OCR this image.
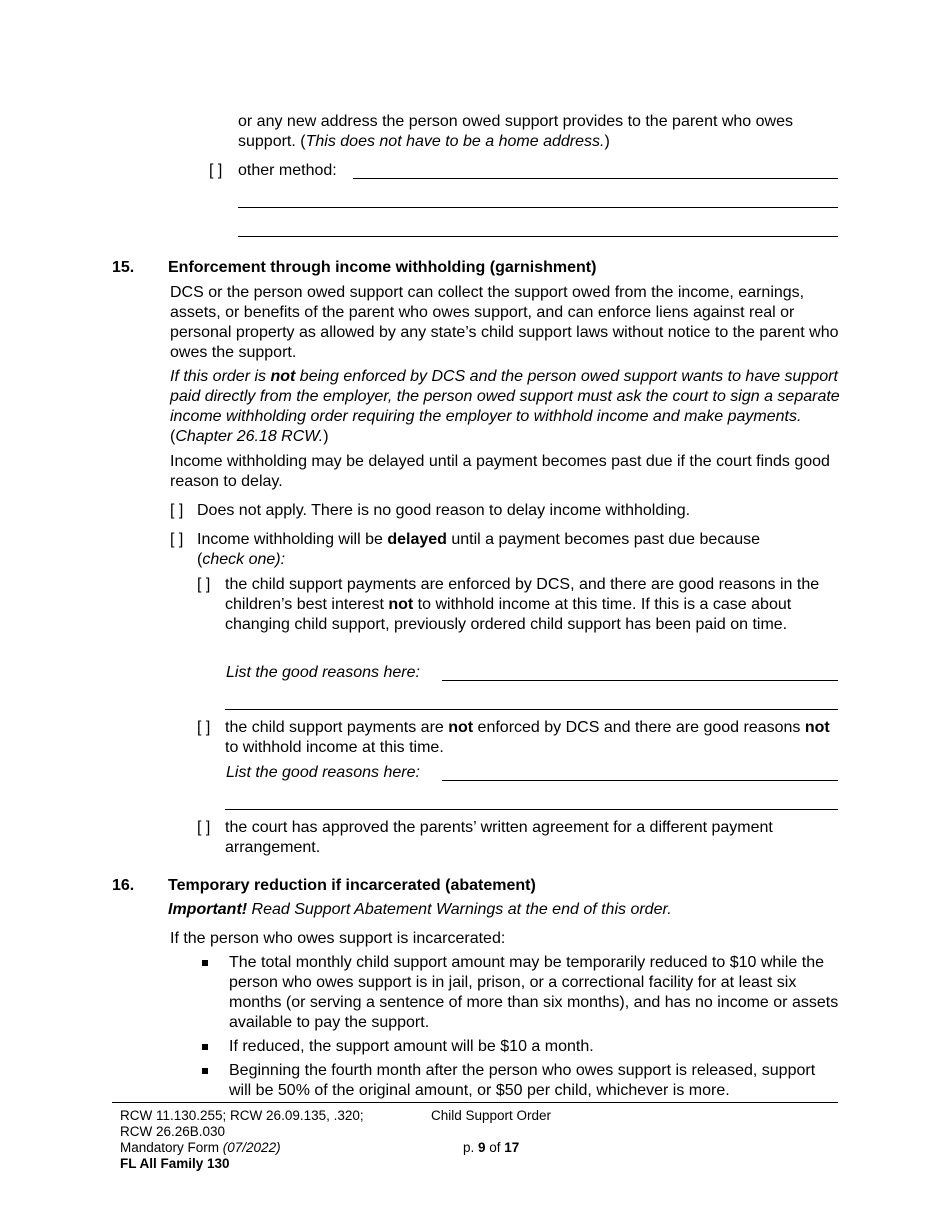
or any new address the person owed support provides to the parent who owes
support. (This does not have to be a home address.)
[ ] other method:
15. Enforcement through income withholding (garnishment)
DCS or the person owed support can collect the support owed from the income, earnings, assets, or benefits of the parent who owes support, and can enforce liens against real or personal property as allowed by any state’s child support laws without notice to the parent who owes the support.
If this order is not being enforced by DCS and the person owed support wants to have support paid directly from the employer, the person owed support must ask the court to sign a separate income withholding order requiring the employer to withhold income and make payments. (Chapter 26.18 RCW.)
Income withholding may be delayed until a payment becomes past due if the court finds good reason to delay.
[ ] Does not apply. There is no good reason to delay income withholding.
[ ] Income withholding will be delayed until a payment becomes past due because
(check one):
[ ] the child support payments are enforced by DCS, and there are good reasons in the children’s best interest not to withhold income at this time. If this is a case about changing child support, previously ordered child support has been paid on time.
List the good reasons here:
[ ] the child support payments are not enforced by DCS and there are good reasons not to withhold income at this time.
List the good reasons here:
[ ] the court has approved the parents’ written agreement for a different payment arrangement.
16. Temporary reduction if incarcerated (abatement)
Important! Read Support Abatement Warnings at the end of this order.
If the person who owes support is incarcerated:
The total monthly child support amount may be temporarily reduced to $10 while the person who owes support is in jail, prison, or a correctional facility for at least six months (or serving a sentence of more than six months), and has no income or assets available to pay the support.
If reduced, the support amount will be $10 a month.
Beginning the fourth month after the person who owes support is released, support will be 50% of the original amount, or $50 per child, whichever is more.
RCW 11.130.255; RCW 26.09.135, .320;
RCW 26.26B.030
Mandatory Form (07/2022)
FL All Family 130
Child Support Order
p. 9 of 17
